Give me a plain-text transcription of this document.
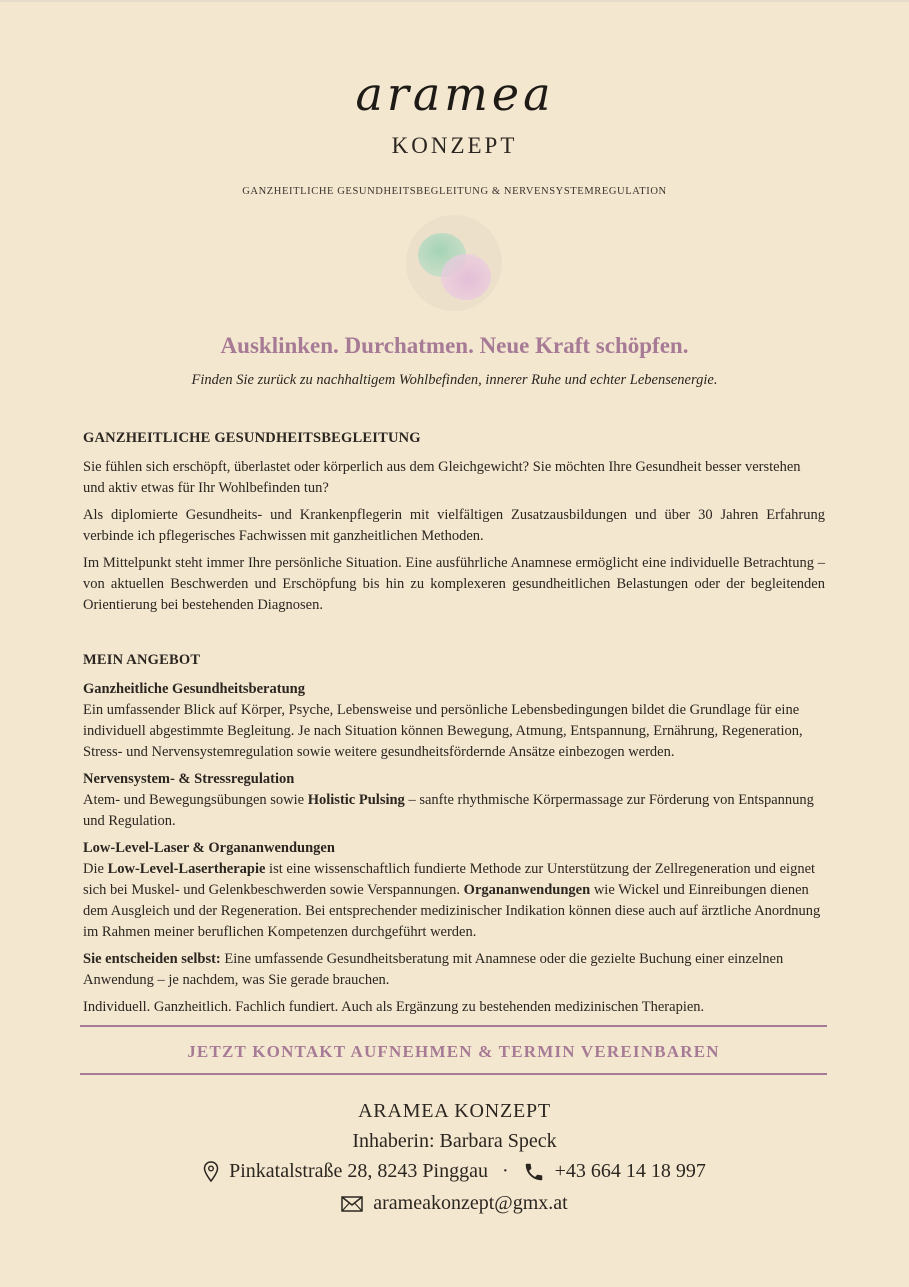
aramea
KONZEPT
GANZHEITLICHE GESUNDHEITSBEGLEITUNG & NERVENSYSTEMREGULATION
Ausklinken. Durchatmen. Neue Kraft schöpfen.
Finden Sie zurück zu nachhaltigem Wohlbefinden, innerer Ruhe und echter Lebensenergie.
GANZHEITLICHE GESUNDHEITSBEGLEITUNG

Sie fühlen sich erschöpft, überlastet oder körperlich aus dem Gleichgewicht? Sie möchten Ihre Gesundheit besser verstehen und aktiv etwas für Ihr Wohlbefinden tun?

Als diplomierte Gesundheits- und Krankenpflegerin mit vielfältigen Zusatzausbildungen und über 30 Jahren Erfahrung verbinde ich pflegerisches Fachwissen mit ganzheitlichen Methoden.

Im Mittelpunkt steht immer Ihre persönliche Situation. Eine ausführliche Anamnese ermöglicht eine individuelle Betrachtung – von aktuellen Beschwerden und Erschöpfung bis hin zu komplexeren gesundheitlichen Belastungen oder der begleitenden Orientierung bei bestehenden Diagnosen.

MEIN ANGEBOT
Ganzheitliche Gesundheitsberatung
Ein umfassender Blick auf Körper, Psyche, Lebensweise und persönliche Lebensbedingungen bildet die Grundlage für eine individuell abgestimmte Begleitung. Je nach Situation können Bewegung, Atmung, Entspannung, Ernährung, Regeneration, Stress- und Nervensystemregulation sowie weitere gesundheitsfördernde Ansätze einbezogen werden.
Nervensystem- & Stressregulation
Atem- und Bewegungsübungen sowie Holistic Pulsing – sanfte rhythmische Körpermassage zur Förderung von Entspannung und Regulation.
Low-Level-Laser & Organanwendungen
Die Low-Level-Lasertherapie ist eine wissenschaftlich fundierte Methode zur Unterstützung der Zellregeneration und eignet sich bei Muskel- und Gelenkbeschwerden sowie Verspannungen. Organanwendungen wie Wickel und Einreibungen dienen dem Ausgleich und der Regeneration. Bei entsprechender medizinischer Indikation können diese auch auf ärztliche Anordnung im Rahmen meiner beruflichen Kompetenzen durchgeführt werden.

Sie entscheiden selbst: Eine umfassende Gesundheitsberatung mit Anamnese oder die gezielte Buchung einer einzelnen Anwendung – je nachdem, was Sie gerade brauchen.

Individuell. Ganzheitlich. Fachlich fundiert. Auch als Ergänzung zu bestehenden medizinischen Therapien.

JETZT KONTAKT AUFNEHMEN & TERMIN VEREINBAREN
ARAMEA KONZEPT
Inhaberin: Barbara Speck
Pinkatalstraße 28, 8243 Pinggau · +43 664 14 18 997
arameakonzept@gmx.at
